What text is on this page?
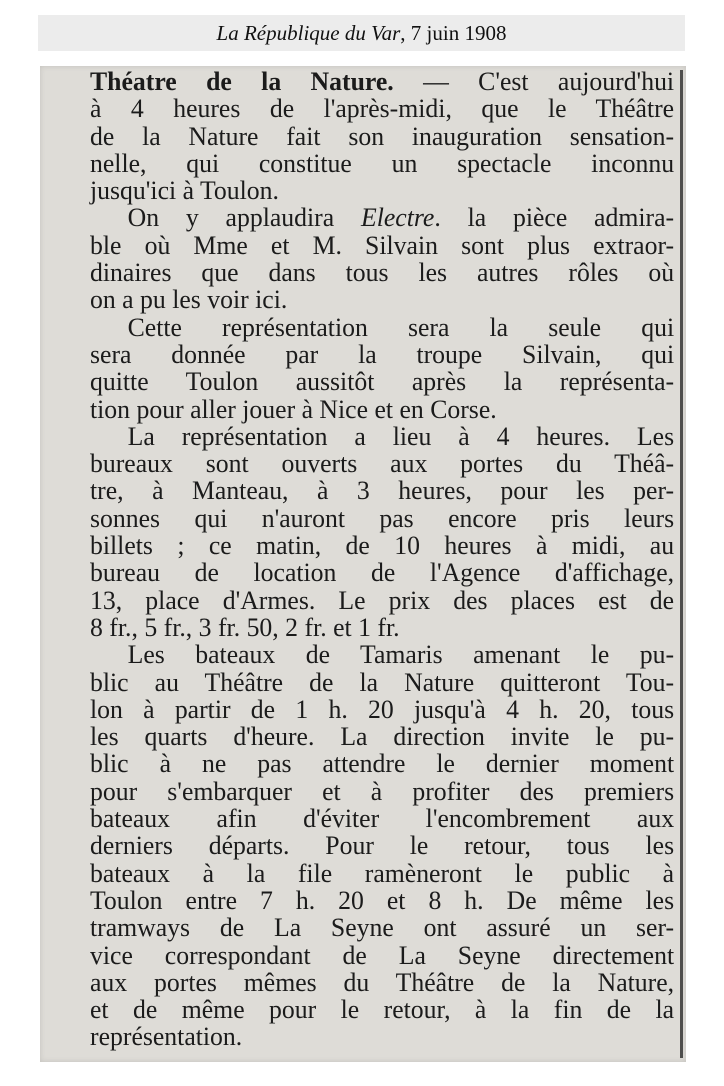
La République du Var , 7 juin 1908
Théatre de la Nature. — C'est aujourd'hui
à 4 heures de l'après-midi, que le Théâtre
de la Nature fait son inauguration sensation-
nelle, qui constitue un spectacle inconnu
jusqu'ici à Toulon.
On y applaudira Electre. la pièce admira-
ble où Mme et M. Silvain sont plus extraor-
dinaires que dans tous les autres rôles où
on a pu les voir ici.
Cette représentation sera la seule qui
sera donnée par la troupe Silvain, qui
quitte Toulon aussitôt après la représenta-
tion pour aller jouer à Nice et en Corse.
La représentation a lieu à 4 heures. Les
bureaux sont ouverts aux portes du Théâ-
tre, à Manteau, à 3 heures, pour les per-
sonnes qui n'auront pas encore pris leurs
billets ; ce matin, de 10 heures à midi, au
bureau de location de l'Agence d'affichage,
13, place d'Armes. Le prix des places est de
8 fr., 5 fr., 3 fr. 50, 2 fr. et 1 fr.
Les bateaux de Tamaris amenant le pu-
blic au Théâtre de la Nature quitteront Tou-
lon à partir de 1 h. 20 jusqu'à 4 h. 20, tous
les quarts d'heure. La direction invite le pu-
blic à ne pas attendre le dernier moment
pour s'embarquer et à profiter des premiers
bateaux afin d'éviter l'encombrement aux
derniers départs. Pour le retour, tous les
bateaux à la file ramèneront le public à
Toulon entre 7 h. 20 et 8 h. De même les
tramways de La Seyne ont assuré un ser-
vice correspondant de La Seyne directement
aux portes mêmes du Théâtre de la Nature,
et de même pour le retour, à la fin de la
représentation.
